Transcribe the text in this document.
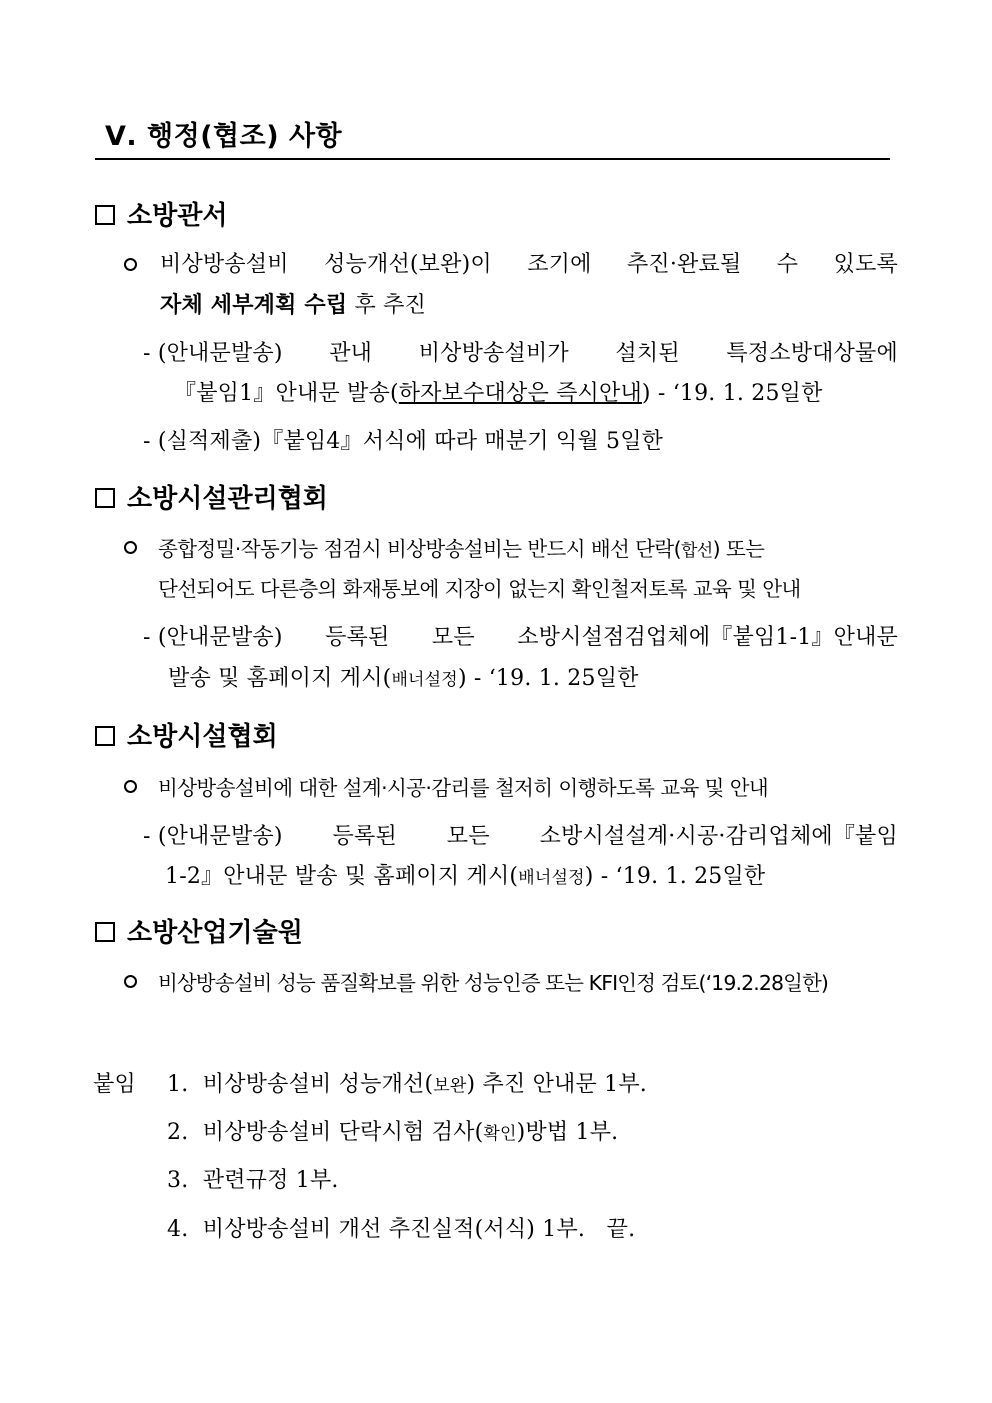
Ⅴ. 행정(협조) 사항
소방관서
비상방송설비 성능개선(보완)이 조기에 추진·완료될 수 있도록
자체 세부계획 수립 후 추진
- (안내문발송) 관내 비상방송설비가 설치된 특정소방대상물에
『붙임1』안내문 발송(하자보수대상은 즉시안내) - ‘19. 1. 25일한
- (실적제출)『붙임4』서식에 따라 매분기 익월 5일한
소방시설관리협회
종합정밀·작동기능 점검시 비상방송설비는 반드시 배선 단락(합선) 또는
단선되어도 다른층의 화재통보에 지장이 없는지 확인철저토록 교육 및 안내
- (안내문발송) 등록된 모든 소방시설점검업체에『붙임1-1』안내문
발송 및 홈페이지 게시(배너설정) - ‘19. 1. 25일한
소방시설협회
비상방송설비에 대한 설계·시공·감리를 철저히 이행하도록 교육 및 안내
- (안내문발송) 등록된 모든 소방시설설계·시공·감리업체에『붙임
1-2』안내문 발송 및 홈페이지 게시(배너설정) - ‘19. 1. 25일한
소방산업기술원
비상방송설비 성능 품질확보를 위한 성능인증 또는 KFI인정 검토(‘19.2.28일한)
붙임 1. 비상방송설비 성능개선(보완) 추진 안내문 1부.
2. 비상방송설비 단락시험 검사(확인)방법 1부.
3. 관련규정 1부.
4. 비상방송설비 개선 추진실적(서식) 1부.   끝.
